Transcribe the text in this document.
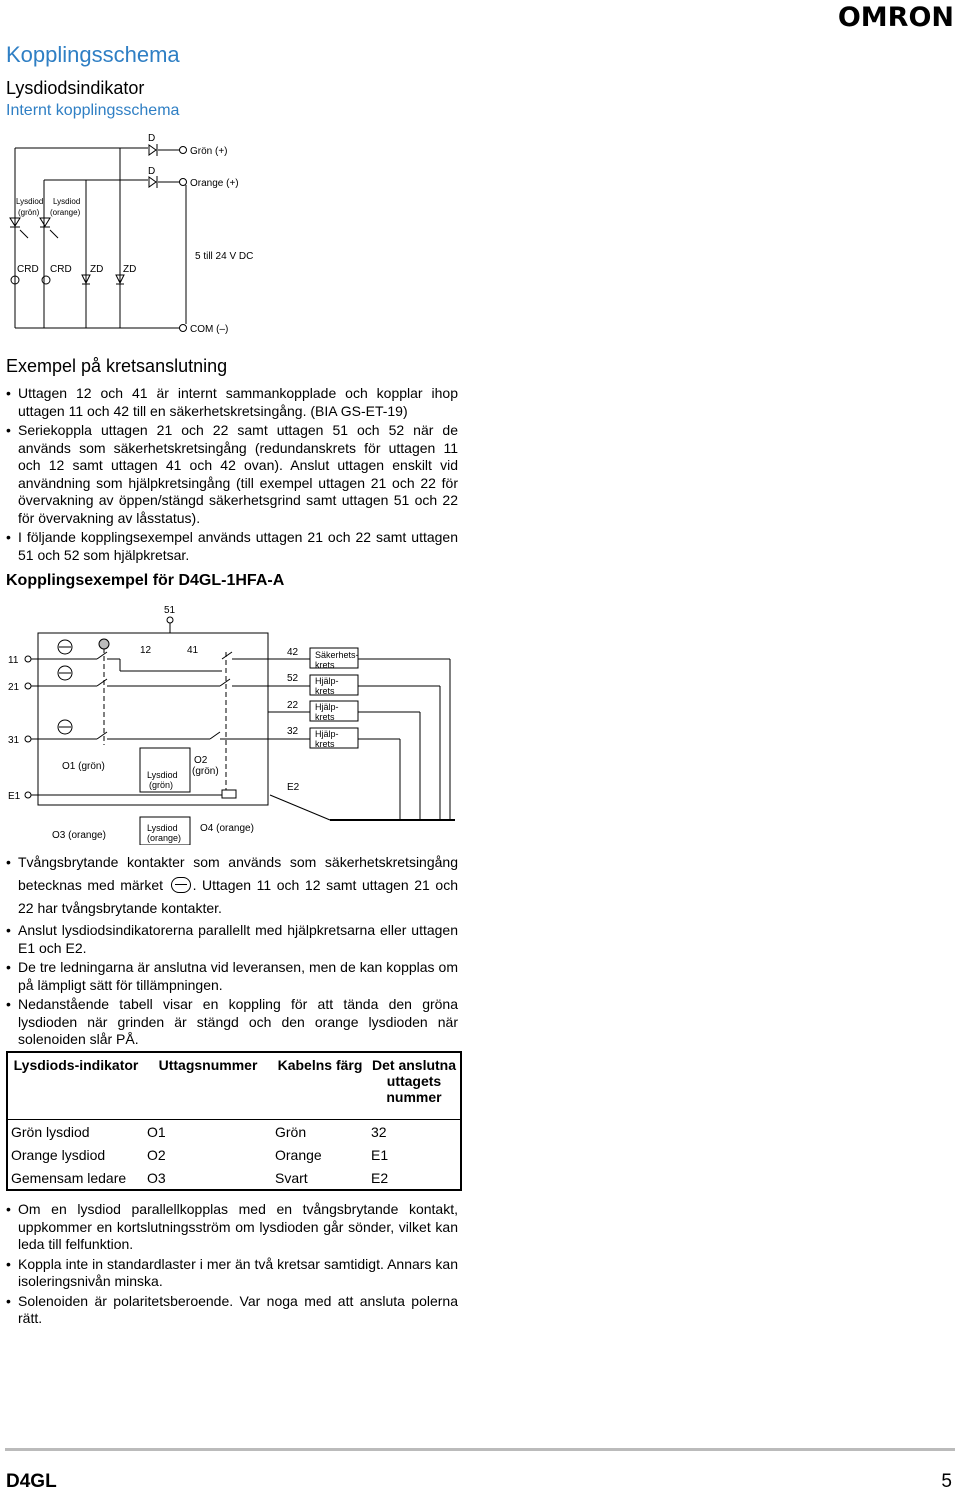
OMRON
Kopplingsschema
Lysdiodsindikator
Internt kopplingsschema
D
D
Grön (+)
Orange (+)
Lysdiod
(grön)
Lysdiod
(orange)
CRD CRD ZD ZD
5 till 24 V DC
COM (–)
Exempel på kretsanslutning
• Uttagen 12 och 41 är internt sammankopplade och kopplar ihop uttagen 11 och 42 till en säkerhetskretsingång. (BIA GS-ET-19)
• Seriekoppla uttagen 21 och 22 samt uttagen 51 och 52 när de används som säkerhetskretsingång (redundanskrets för uttagen 11 och 12 samt uttagen 41 och 42 ovan). Anslut uttagen enskilt vid användning som hjälpkretsingång (till exempel uttagen 21 och 22 för övervakning av öppen/stängd säkerhetsgrind samt uttagen 51 och 22 för övervakning av låsstatus).
• I följande kopplingsexempel används uttagen 21 och 22 samt uttagen 51 och 52 som hjälpkretsar.
Kopplingsexempel för D4GL-1HFA-A
51
11
21
31
E1
12	41	42
52
22
32
E2
Säkerhets-
krets
Hjälp-
krets
Hjälp-
krets
Hjälp-
krets
O1 (grön)
O2
(grön)
Lysdiod
(grön)
O3 (orange)
Lysdiod
(orange)
O4 (orange)
• Tvångsbrytande kontakter som används som säkerhetskretsingång betecknas med märket . Uttagen 11 och 12 samt uttagen 21 och 22 har tvångsbrytande kontakter.
• Anslut lysdiodsindikatorerna parallellt med hjälpkretsarna eller uttagen E1 och E2.
• De tre ledningarna är anslutna vid leveransen, men de kan kopplas om på lämpligt sätt för tillämpningen.
• Nedanstående tabell visar en koppling för att tända den gröna lysdioden när grinden är stängd och den orange lysdioden när solenoiden slår PÅ.
Lysdiods-indikator	Uttagsnummer	Kabelns färg	Det anslutna uttagets nummer
Grön lysdiod	O1	Grön	32
Orange lysdiod	O2	Orange	E1
Gemensam ledare	O3	Svart	E2
• Om en lysdiod parallellkopplas med en tvångsbrytande kontakt, uppkommer en kortslutningsström om lysdioden går sönder, vilket kan leda till felfunktion.
• Koppla inte in standardlaster i mer än två kretsar samtidigt. Annars kan isoleringsnivån minska.
• Solenoiden är polaritetsberoende. Var noga med att ansluta polerna rätt.
D4GL	5
